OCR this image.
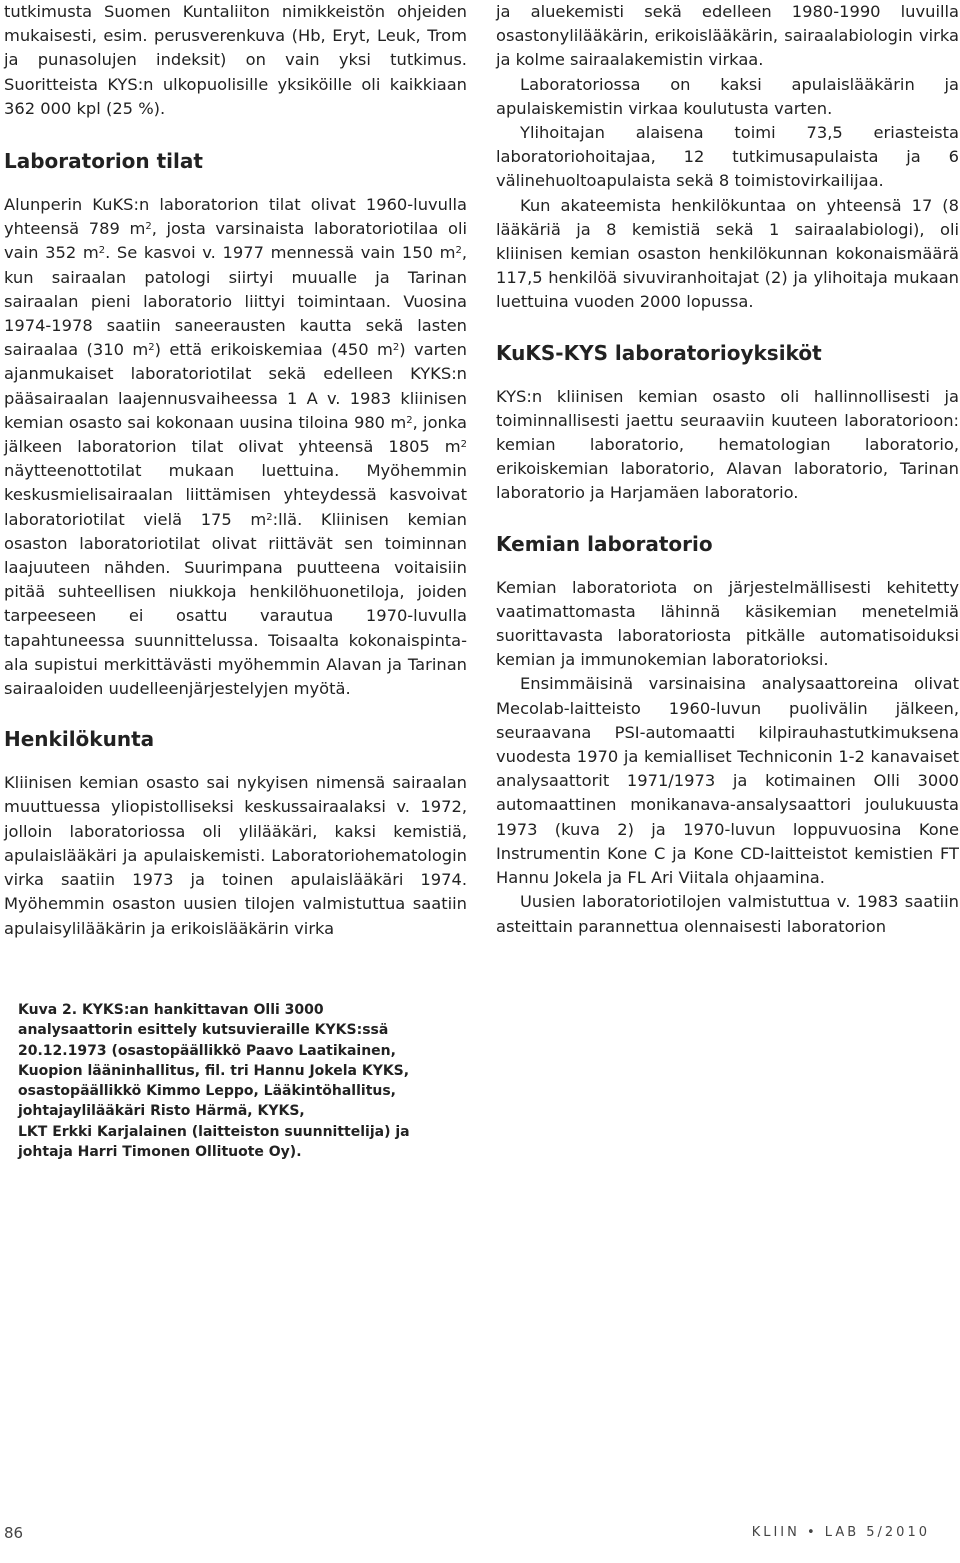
tutkimusta Suomen Kuntaliiton nimikkeistön ohjeiden mukaisesti, esim. perusverenkuva (Hb, Eryt, Leuk, Trom ja punasolujen indeksit) on vain yksi tutkimus. Suoritteista KYS:n ulkopuolisille yksiköille oli kaikkiaan 362 000 kpl (25 %).

Laboratorion tilat

Alunperin KuKS:n laboratorion tilat olivat 1960-luvulla yhteensä 789 $m^2$, josta varsinaista laboratoriotilaa oli vain 352 $m^2$. Se kasvoi v. 1977 mennessä vain 150 $m^2$, kun sairaalan patologi siirtyi muualle ja Tarinan sairaalan pieni laboratorio liittyi toimintaan. Vuosina 1974-1978 saatiin saneerausten kautta sekä lasten sairaalaa (310 $m^2$) että erikoiskemiaa (450 $m^2$) varten ajanmukaiset laboratoriotilat sekä edelleen KYKS:n pääsairaalan laajennusvaiheessa 1 A v. 1983 kliinisen kemian osasto sai kokonaan uusina tiloina 980 $m^2$, jonka jälkeen laboratorion tilat olivat yhteensä 1805 $m^2$ näytteenottotilat mukaan luettuina. Myöhemmin keskusmielisairaalan liittämisen yhteydessä kasvoivat laboratoriotilat vielä 175 $m^2:llä$. Kliinisen kemian osaston laboratoriotilat olivat riittävät sen toiminnan laajuuteen nähden. Suurimpana puutteena voitaisiin pitää suhteellisen niukkoja henkilöhuonetiloja, joiden tarpeeseen ei osattu varautua 1970-luvulla tapahtuneessa suunnittelussa. Toisaalta kokonaispinta-ala supistui merkittävästi myöhemmin Alavan ja Tarinan sairaaloiden uudelleenjärjestelyjen myötä.

Henkilökunta

Kliinisen kemian osasto sai nykyisen nimensä sairaalan muuttuessa yliopistolliseksi keskussairaalaksi v. 1972, jolloin laboratoriossa oli ylilääkäri, kaksi kemistiä, apulaislääkäri ja apulaiskemisti. Laboratoriohematologin virka saatiin 1973 ja toinen apulaislääkäri 1974. Myöhemmin osaston uusien tilojen valmistuttua saatiin apulaisylilääkärin ja erikoislääkärin virka

ja aluekemisti sekä edelleen 1980-1990 luvuilla osastonylilääkärin, erikoislääkärin, sairaalabiologin virka ja kolme sairaalakemistin virkaa.

Laboratoriossa on kaksi apulaislääkärin ja apulaiskemistin virkaa koulutusta varten.

Ylihoitajan alaisena toimi 73,5 eriasteista laboratoriohoitajaa, 12 tutkimusapulaista ja 6 välinehuoltoapulaista sekä 8 toimistovirkailijaa.

Kun akateemista henkilökuntaa on yhteensä 17 (8 lääkäriä ja 8 kemistiä sekä 1 sairaalabiologi), oli kliinisen kemian osaston henkilökunnan kokonaismäärä 117,5 henkilöä sivuviranhoitajat (2) ja ylihoitaja mukaan luettuina vuoden 2000 lopussa.

KuKS-KYS laboratorioyksiköt

KYS:n kliinisen kemian osasto oli hallinnollisesti ja toiminnallisesti jaettu seuraaviin kuuteen laboratorioon: kemian laboratorio, hematologian laboratorio, erikoiskemian laboratorio, Alavan laboratorio, Tarinan laboratorio ja Harjamäen laboratorio.

Kemian laboratorio

Kemian laboratoriota on järjestelmällisesti kehitetty vaatimattomasta lähinnä käsikemian menetelmiä suorittavasta laboratoriosta pitkälle automatisoiduksi kemian ja immunokemian laboratorioksi.

Ensimmäisinä varsinaisina analysaattoreina olivat Mecolab-laitteisto 1960-luvun puolivälin jälkeen, seuraavana PSI-automaatti kilpirauhastutkimuksena vuodesta 1970 ja kemialliset Techniconin 1-2 kanavaiset analysaattorit 1971/1973 ja kotimainen Olli 3000 automaattinen monikanava-ansalysaattori joulukuusta 1973 (kuva 2) ja 1970-luvun loppuvuosina Kone Instrumentin Kone C ja Kone CD-laitteistot kemistien FT Hannu Jokela ja FL Ari Viitala ohjaamina.

Uusien laboratoriotilojen valmistuttua v. 1983 saatiin asteittain parannettua olennaisesti laboratorion

Kuva 2. KYKS:an hankittavan Olli 3000 analysaattorin esittely kutsuvieraille KYKS:ssä 20.12.1973 (osastopäällikkö Paavo Laatikainen, Kuopion lääninhallitus, fil. tri Hannu Jokela KYKS, osastopäällikkö Kimmo Leppo, Lääkintöhallitus, johtajaylilääkäri Risto Härmä, KYKS,
LKT Erkki Karjalainen (laitteiston suunnittelija) ja johtaja Harri Timonen Ollituote Oy).
86	KLIIN • LAB 5/2010
